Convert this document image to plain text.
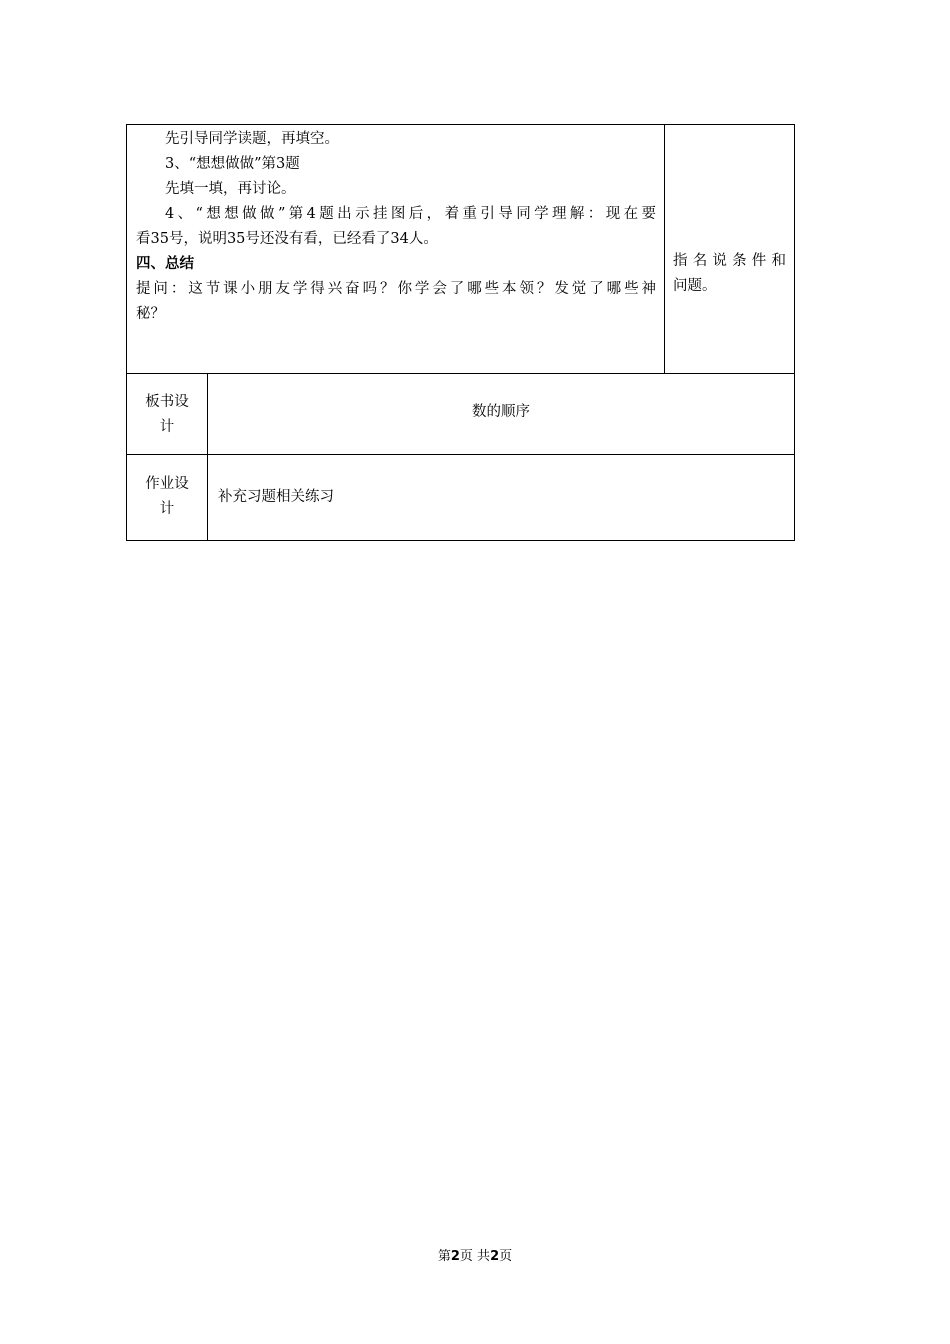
先引导同学读题，再填空。
3、“想想做做”第3题
先填一填，再讨论。
4、“想想做做”第4题出示挂图后，着重引导同学理解：现在要
看35号，说明35号还没有看，已经看了34人。
四、总结
提问：这节课小朋友学得兴奋吗？你学会了哪些本领？发觉了哪些神
秘？
指名说条件和
问题。
板书设
计
数的顺序
作业设
计
补充习题相关练习
第2页 共2页
